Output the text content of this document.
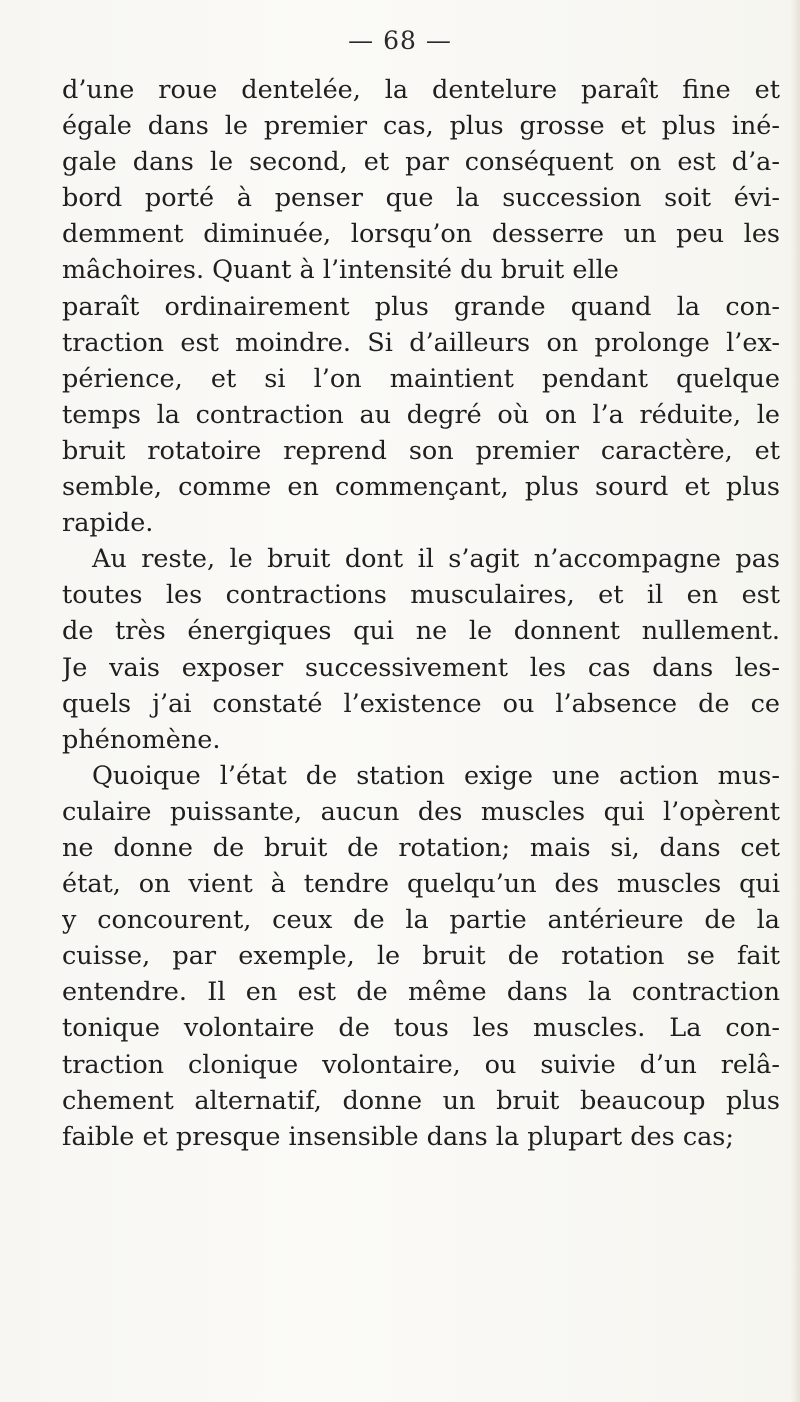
— 68 —
d’une roue dentelée, la dentelure paraît fine et
égale dans le premier cas, plus grosse et plus iné-
gale dans le second, et par conséquent on est d’a-
bord porté à penser que la succession soit évi-
demment diminuée, lorsqu’on desserre un peu les
mâchoires. Quant à l’intensité du bruit elle
paraît ordinairement plus grande quand la con-
traction est moindre. Si d’ailleurs on prolonge l’ex-
périence, et si l’on maintient pendant quelque
temps la contraction au degré où on l’a réduite, le
bruit rotatoire reprend son premier caractère, et
semble, comme en commençant, plus sourd et plus
rapide.
Au reste, le bruit dont il s’agit n’accompagne pas
toutes les contractions musculaires, et il en est
de très énergiques qui ne le donnent nullement.
Je vais exposer successivement les cas dans les-
quels j’ai constaté l’existence ou l’absence de ce
phénomène.
Quoique l’état de station exige une action mus-
culaire puissante, aucun des muscles qui l’opèrent
ne donne de bruit de rotation; mais si, dans cet
état, on vient à tendre quelqu’un des muscles qui
y concourent, ceux de la partie antérieure de la
cuisse, par exemple, le bruit de rotation se fait
entendre. Il en est de même dans la contraction
tonique volontaire de tous les muscles. La con-
traction clonique volontaire, ou suivie d’un relâ-
chement alternatif, donne un bruit beaucoup plus
faible et presque insensible dans la plupart des cas;
